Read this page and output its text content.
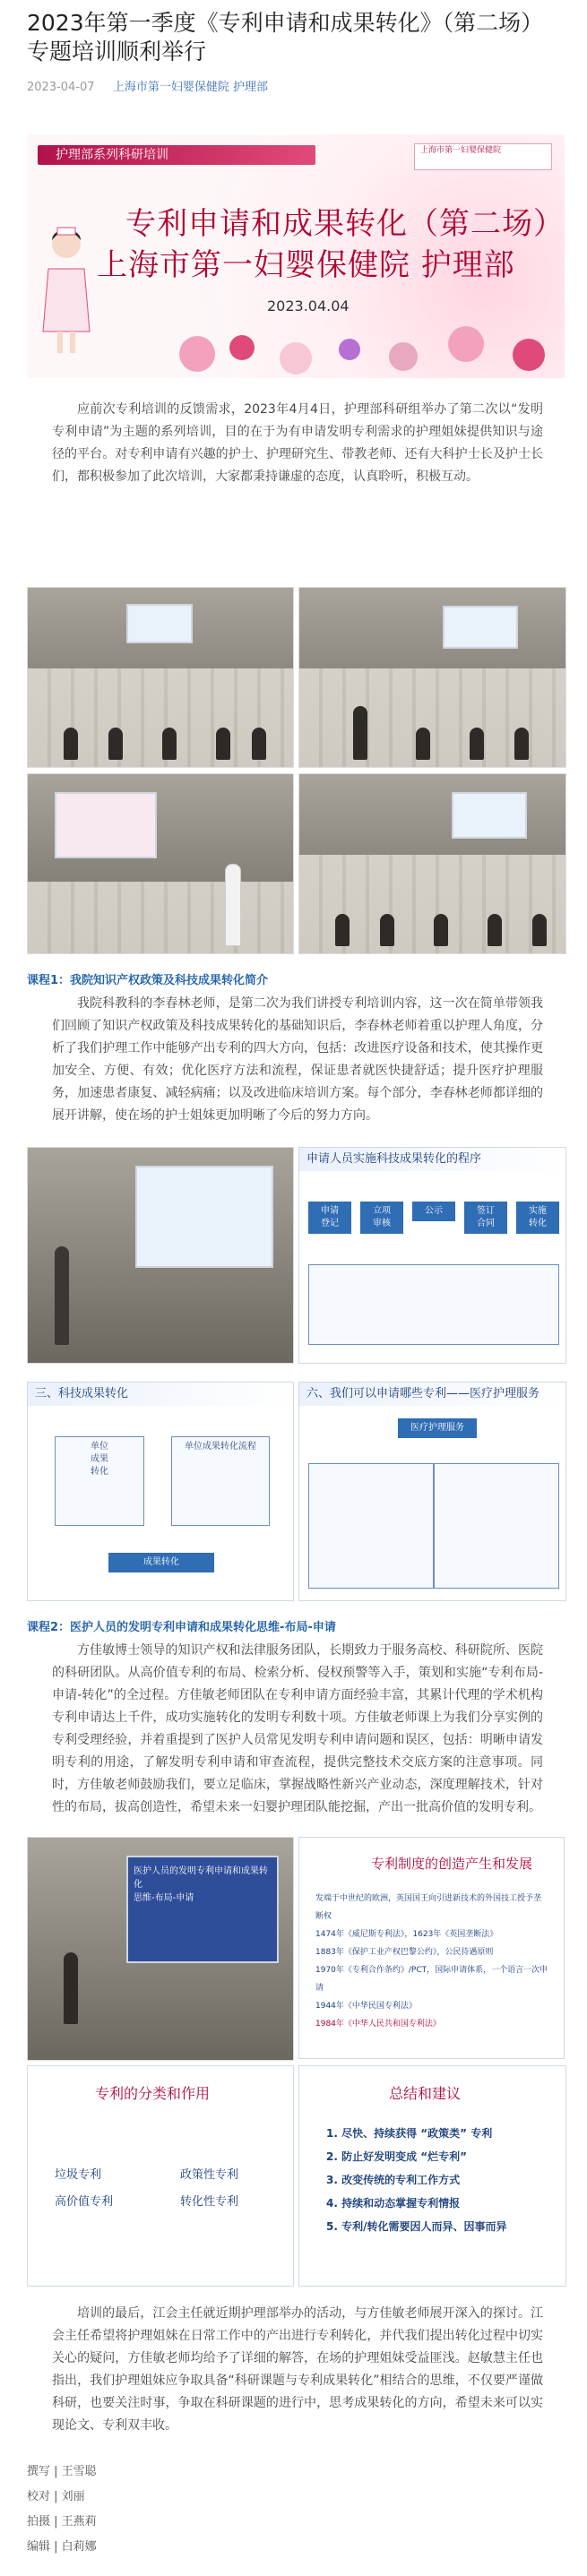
2023年第一季度《专利申请和成果转化》（第二场）专题培训顺利举行
2023-04-07 上海市第一妇婴保健院 护理部
护理部系列科研培训	上海市第一妇婴保健院
专利申请和成果转化（第二场）
上海市第一妇婴保健院 护理部
2023.04.04
应前次专利培训的反馈需求，2023年4月4日，护理部科研组举办了第二次以“发明专利申请”为主题的系列培训，目的在于为有申请发明专利需求的护理姐妹提供知识与途径的平台。对专利申请有兴趣的护士、护理研究生、带教老师、还有大科护士长及护士长们，都积极参加了此次培训，大家都秉持谦虚的态度，认真聆听，积极互动。
课程1：我院知识产权政策及科技成果转化简介
我院科教科的李春林老师，是第二次为我们讲授专利培训内容，这一次在简单带领我们回顾了知识产权政策及科技成果转化的基础知识后，李春林老师着重以护理人角度，分析了我们护理工作中能够产出专利的四大方向，包括：改进医疗设备和技术，使其操作更加安全、方便、有效；优化医疗方法和流程，保证患者就医快捷舒适；提升医疗护理服务，加速患者康复、减轻病痛；以及改进临床培训方案。每个部分，李春林老师都详细的展开讲解，使在场的护士姐妹更加明晰了今后的努力方向。
申请人员实施科技成果转化的程序
申请
登记
立项
审核
公示	签订
合同
实施
转化
三、科技成果转化
单位
成果
转化
单位成果转化流程
成果转化
六、我们可以申请哪些专利——医疗护理服务
医疗护理服务
课程2：医护人员的发明专利申请和成果转化思维-布局-申请
方佳敏博士领导的知识产权和法律服务团队，长期致力于服务高校、科研院所、医院的科研团队。从高价值专利的布局、检索分析、侵权预警等入手，策划和实施“专利布局-申请-转化”的全过程。方佳敏老师团队在专利申请方面经验丰富，其累计代理的学术机构专利申请达上千件，成功实施转化的发明专利数十项。方佳敏老师课上为我们分享实例的专利受理经验，并着重提到了医护人员常见发明专利申请问题和误区，包括：明晰申请发明专利的用途，了解发明专利申请和审查流程，提供完整技术交底方案的注意事项。同时，方佳敏老师鼓励我们，要立足临床，掌握战略性新兴产业动态，深度理解技术，针对性的布局，拔高创造性，希望未来一妇婴护理团队能挖掘，产出一批高价值的发明专利。
医护人员的发明专利申请和成果转化
思维-布局-申请
专利制度的创造产生和发展
发端于中世纪的欧洲，英国国王向引进新技术的外国技工授予垄断权
1474年《威尼斯专利法》，1623年《英国垄断法》
1883年《保护工业产权巴黎公约》，公民待遇原则
1970年《专利合作条约》/PCT，国际申请体系，一个语言一次申请
1944年《中华民国专利法》
1984年《中华人民共和国专利法》
专利的分类和作用
垃圾专利	政策性专利
高价值专利	转化性专利
总结和建议
1. 尽快、持续获得 “政策类” 专利
2. 防止好发明变成 “烂专利”
3. 改变传统的专利工作方式
4. 持续和动态掌握专利情报
5. 专利/转化需要因人而异、因事而异
培训的最后，江会主任就近期护理部举办的活动，与方佳敏老师展开深入的探讨。江会主任希望将护理姐妹在日常工作中的产出进行专利转化，并代我们提出转化过程中切实关心的疑问，方佳敏老师均给予了详细的解答，在场的护理姐妹受益匪浅。赵敏慧主任也指出，我们护理姐妹应争取具备“科研课题与专利成果转化”相结合的思维，不仅要严谨做科研，也要关注时事，争取在科研课题的进行中，思考成果转化的方向，希望未来可以实现论文、专利双丰收。
撰写 | 王雪聪
校对 | 刘丽
拍摄 | 王燕莉
编辑 | 白莉娜
